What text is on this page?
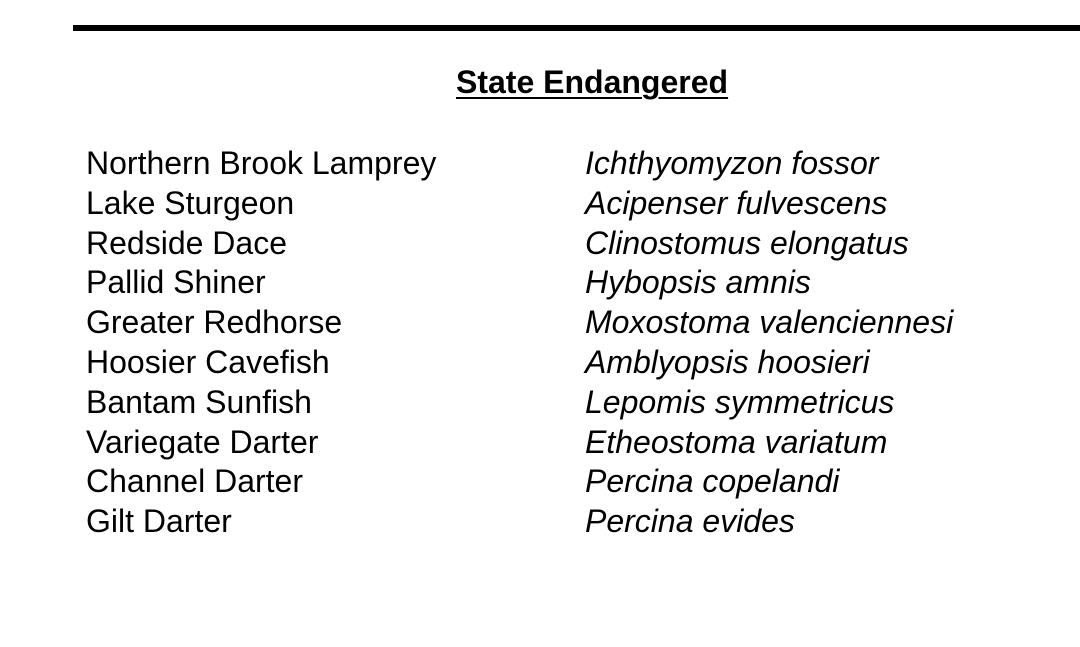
State Endangered
Northern Brook Lamprey	Ichthyomyzon fossor
Lake Sturgeon	Acipenser fulvescens
Redside Dace	Clinostomus elongatus
Pallid Shiner	Hybopsis amnis
Greater Redhorse	Moxostoma valenciennesi
Hoosier Cavefish	Amblyopsis hoosieri
Bantam Sunfish	Lepomis symmetricus
Variegate Darter	Etheostoma variatum
Channel Darter	Percina copelandi
Gilt Darter	Percina evides
